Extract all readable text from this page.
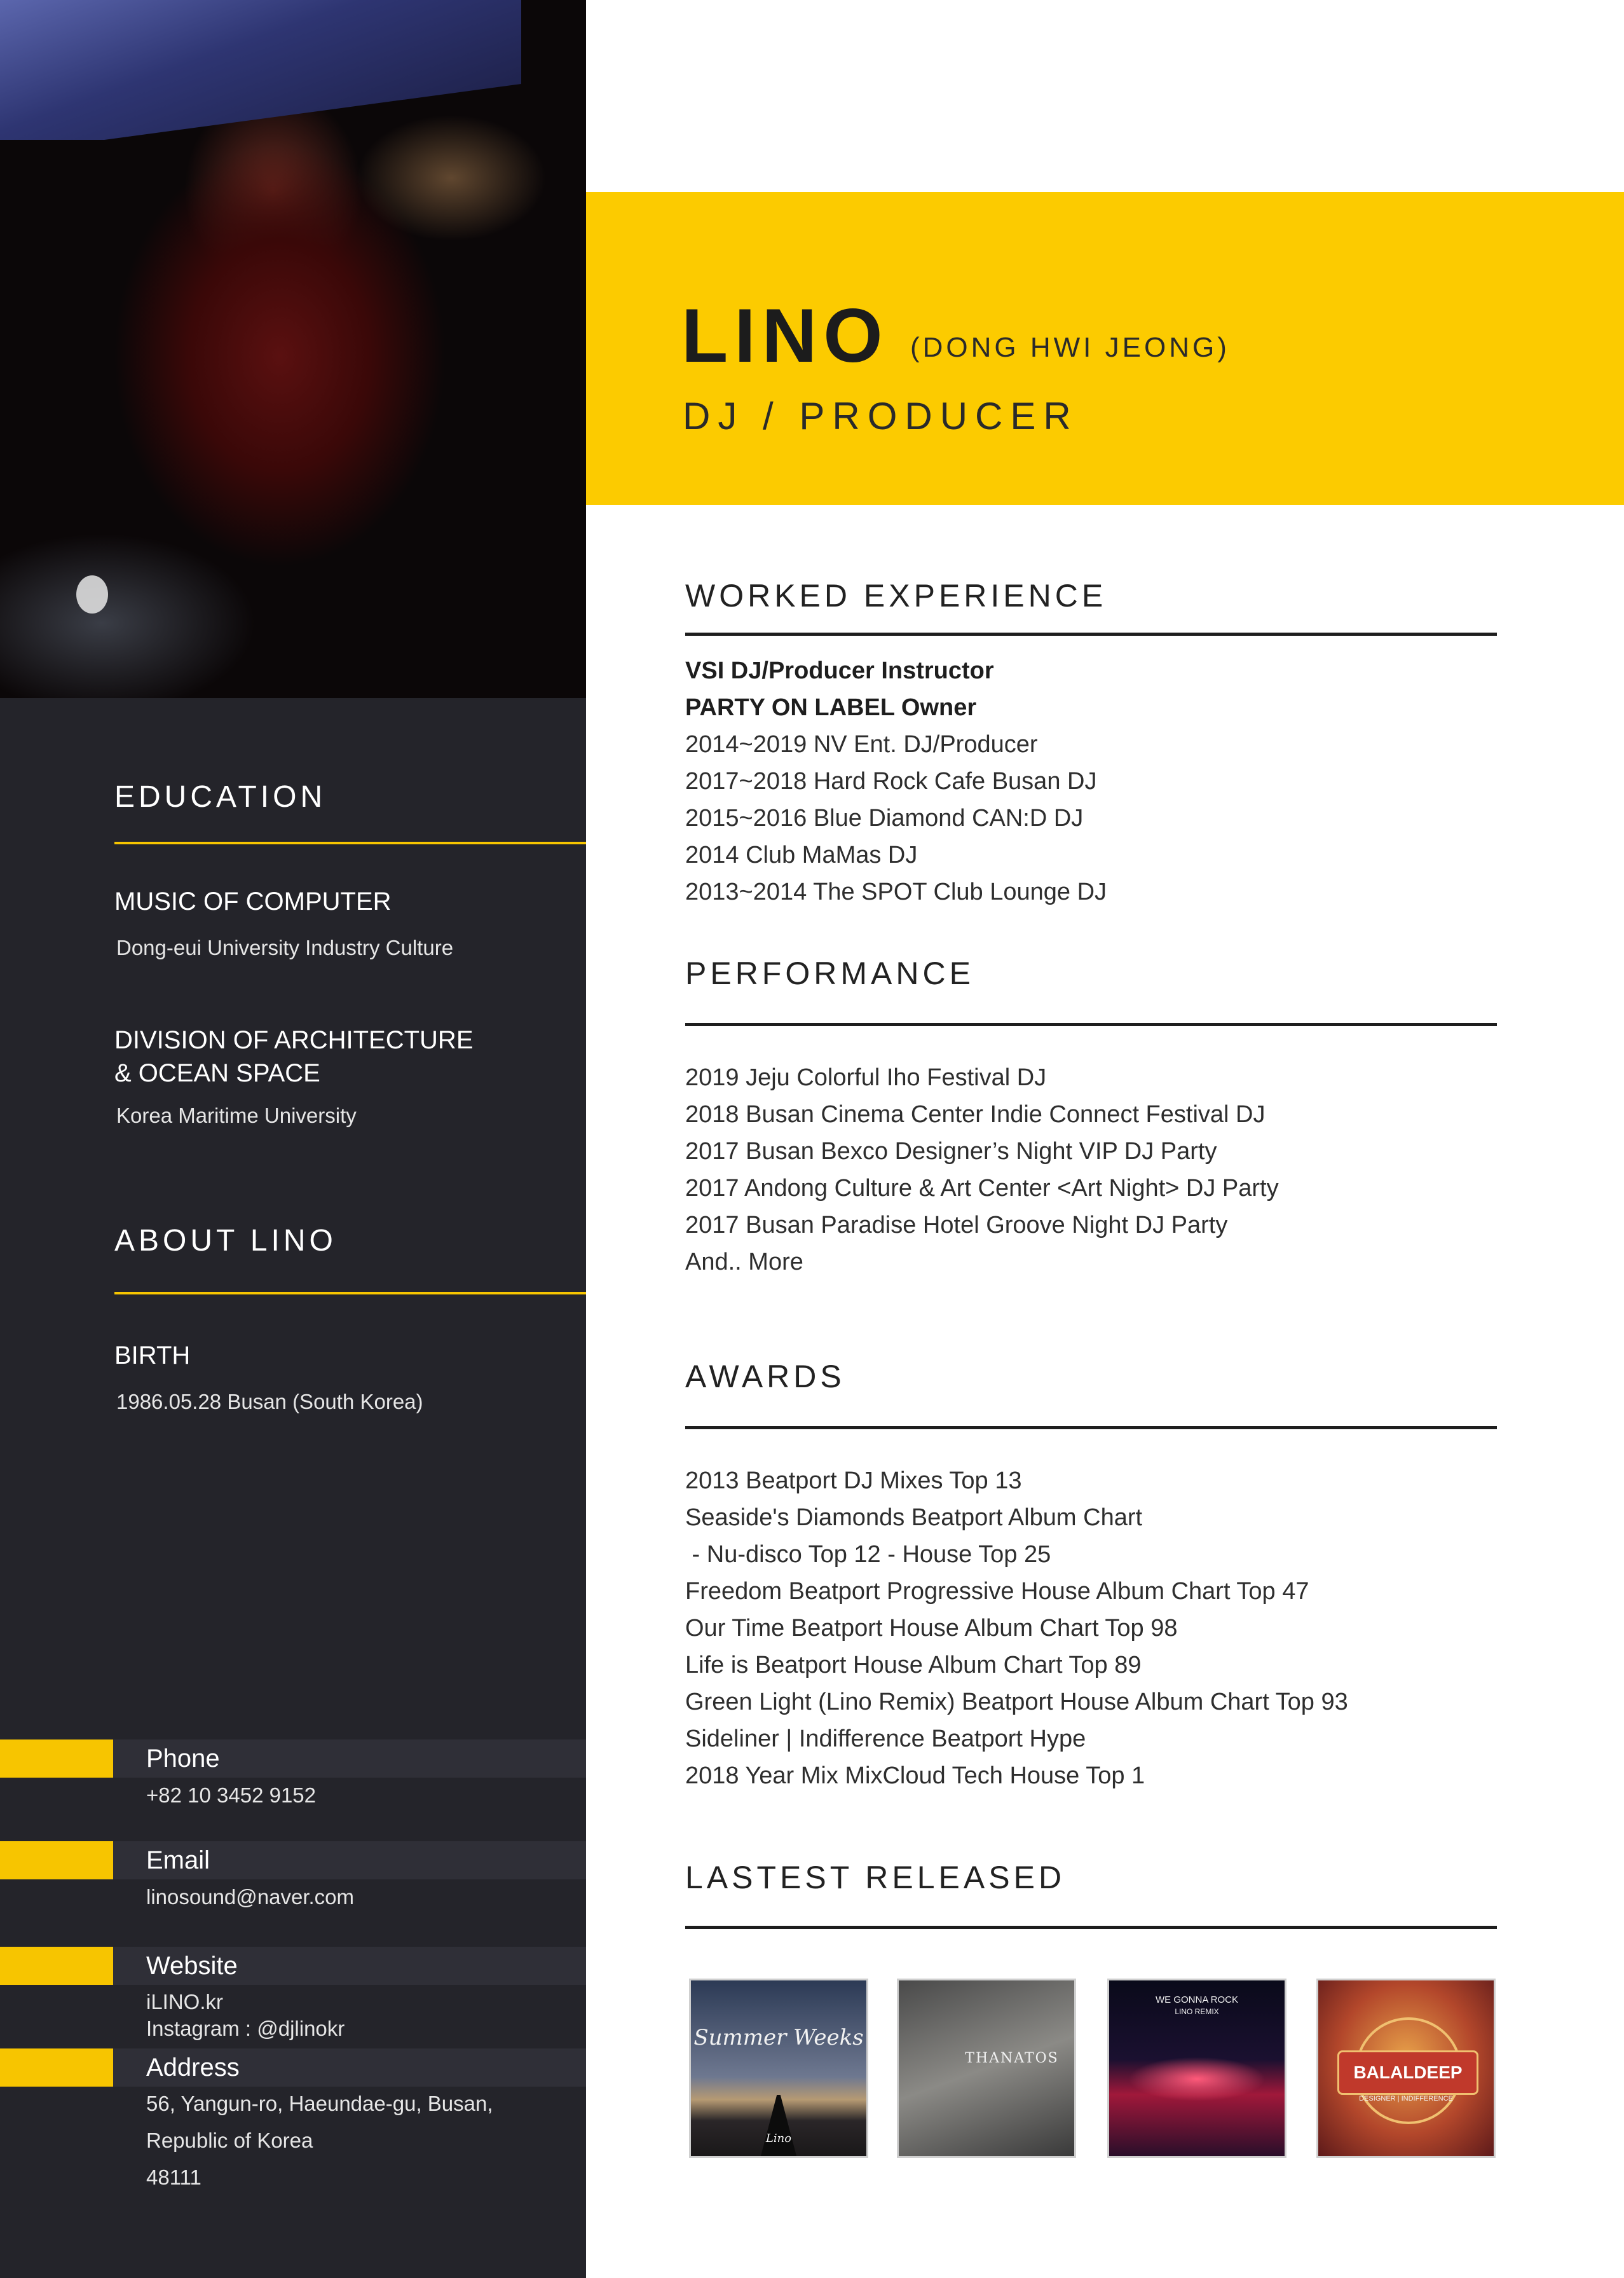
EDUCATION
MUSIC OF COMPUTER
Dong-eui University Industry Culture
DIVISION OF ARCHITECTURE
& OCEAN SPACE
Korea Maritime University
ABOUT LINO
BIRTH
1986.05.28 Busan (South Korea)
Phone
+82 10 3452 9152
Email
linosound@naver.com
Website
iLINO.kr
Instagram : @djlinokr
Address
56, Yangun-ro, Haeundae-gu, Busan,
Republic of Korea
48111
LINO (DONG HWI JEONG)
DJ / PRODUCER
WORKED EXPERIENCE
VSI DJ/Producer Instructor
PARTY ON LABEL Owner
2014~2019 NV Ent. DJ/Producer
2017~2018 Hard Rock Cafe Busan DJ
2015~2016 Blue Diamond CAN:D DJ
2014 Club MaMas DJ
2013~2014 The SPOT Club Lounge DJ
PERFORMANCE
2019 Jeju Colorful Iho Festival DJ
2018 Busan Cinema Center Indie Connect Festival DJ
2017 Busan Bexco Designer’s Night VIP DJ Party
2017 Andong Culture & Art Center <Art Night> DJ Party
2017 Busan Paradise Hotel Groove Night DJ Party
And.. More
AWARDS
2013 Beatport DJ Mixes Top 13
Seaside's Diamonds Beatport Album Chart
- Nu-disco Top 12 - House Top 25
Freedom Beatport Progressive House Album Chart Top 47
Our Time Beatport House Album Chart Top 98
Life is Beatport House Album Chart Top 89
Green Light (Lino Remix) Beatport House Album Chart Top 93
Sideliner | Indifference Beatport Hype
2018 Year Mix MixCloud Tech House Top 1
LASTEST RELEASED
Summer Weeks
Lino
THANATOS
WE GONNA ROCK
LINO REMIX
BALALDEEP
DESIGNER | INDIFFERENCE
